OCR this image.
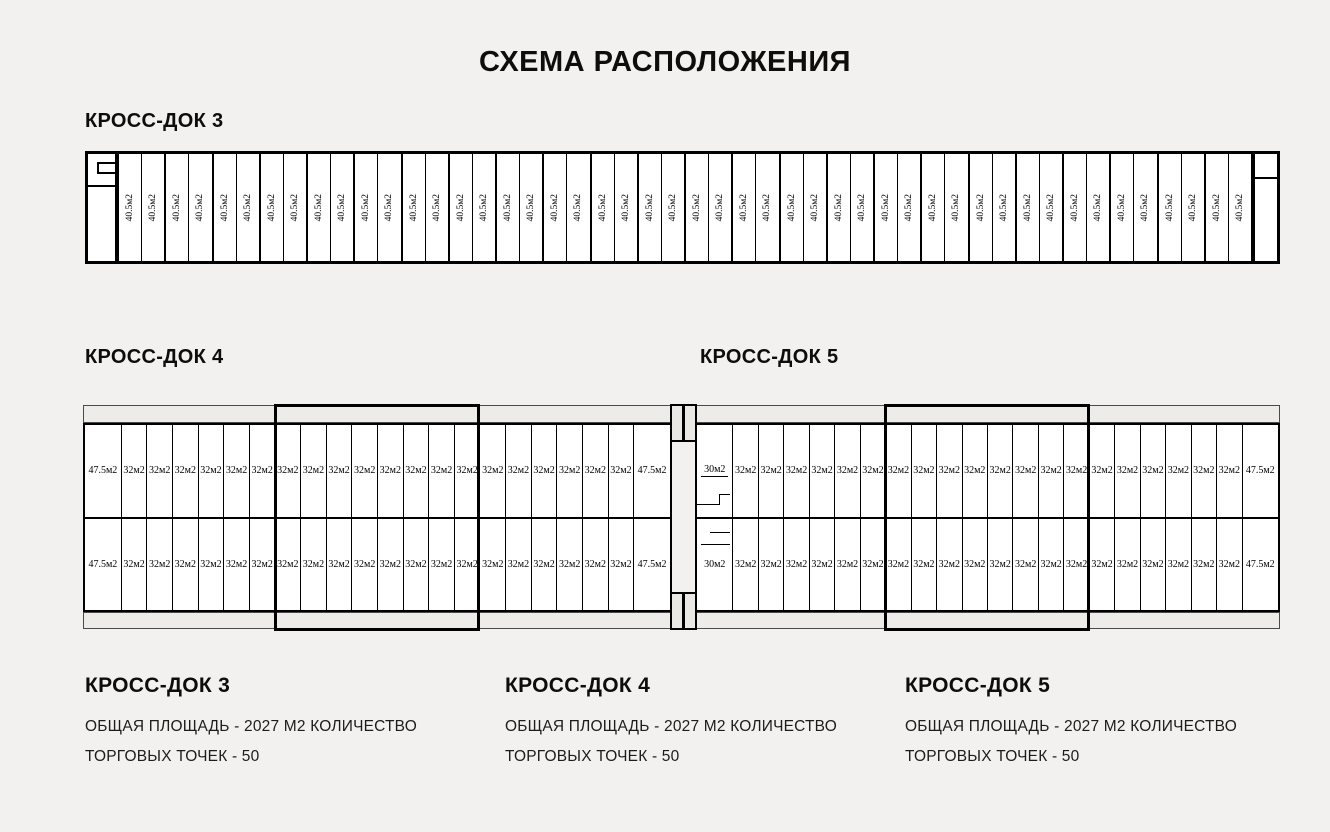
СХЕМА РАСПОЛОЖЕНИЯ
КРОСС-ДОК 3
40.5м2 40.5м2 40.5м2 40.5м2 40.5м2 40.5м2 40.5м2 40.5м2 40.5м2 40.5м2 40.5м2 40.5м2 40.5м2 40.5м2 40.5м2 40.5м2 40.5м2 40.5м2 40.5м2 40.5м2 40.5м2 40.5м2 40.5м2 40.5м2 40.5м2 40.5м2 40.5м2 40.5м2 40.5м2 40.5м2 40.5м2 40.5м2 40.5м2 40.5м2 40.5м2 40.5м2 40.5м2 40.5м2 40.5м2 40.5м2 40.5м2 40.5м2 40.5м2 40.5м2 40.5м2 40.5м2 40.5м2 40.5м2
КРОСС-ДОК 4	КРОСС-ДОК 5
47.5м2 32м2 32м2 32м2 32м2 32м2 32м2 32м2 32м2 32м2 32м2 32м2 32м2 32м2 32м2 32м2 32м2 32м2 32м2 32м2 32м2 47.5м2
47.5м2 32м2 32м2 32м2 32м2 32м2 32м2 32м2 32м2 32м2 32м2 32м2 32м2 32м2 32м2 32м2 32м2 32м2 32м2 32м2 32м2 47.5м2
30м2 32м2 32м2 32м2 32м2 32м2 32м2 32м2 32м2 32м2 32м2 32м2 32м2 32м2 32м2 32м2 32м2 32м2 32м2 32м2 32м2 47.5м2
30м2 32м2 32м2 32м2 32м2 32м2 32м2 32м2 32м2 32м2 32м2 32м2 32м2 32м2 32м2 32м2 32м2 32м2 32м2 32м2 32м2 47.5м2
КРОСС-ДОК 3
ОБЩАЯ ПЛОЩАДЬ - 2027 М2 КОЛИЧЕСТВО
ТОРГОВЫХ ТОЧЕК - 50
КРОСС-ДОК 4
ОБЩАЯ ПЛОЩАДЬ - 2027 М2 КОЛИЧЕСТВО
ТОРГОВЫХ ТОЧЕК - 50
КРОСС-ДОК 5
ОБЩАЯ ПЛОЩАДЬ - 2027 М2 КОЛИЧЕСТВО
ТОРГОВЫХ ТОЧЕК - 50
